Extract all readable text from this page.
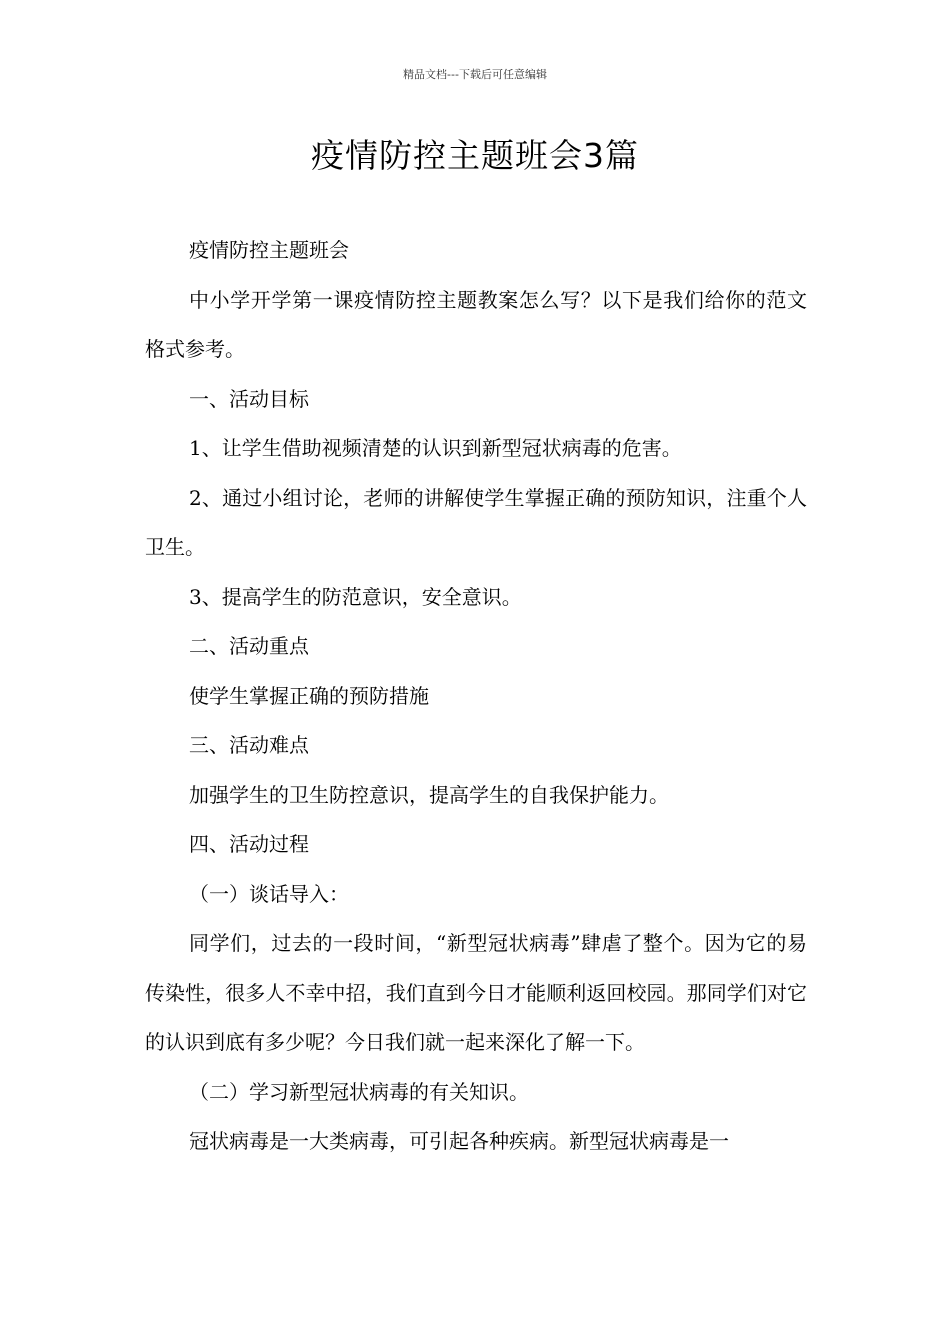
精品文档---下载后可任意编辑
疫情防控主题班会3篇

疫情防控主题班会

中小学开学第一课疫情防控主题教案怎么写？以下是我们给你的范文格式参考。

一、活动目标

1、让学生借助视频清楚的认识到新型冠状病毒的危害。

2、通过小组讨论，老师的讲解使学生掌握正确的预防知识，注重个人卫生。

3、提高学生的防范意识，安全意识。

二、活动重点

使学生掌握正确的预防措施

三、活动难点

加强学生的卫生防控意识，提高学生的自我保护能力。

四、活动过程

（一）谈话导入：

同学们，过去的一段时间，“新型冠状病毒”肆虐了整个。因为它的易传染性，很多人不幸中招，我们直到今日才能顺利返回校园。那同学们对它的认识到底有多少呢？今日我们就一起来深化了解一下。

（二）学习新型冠状病毒的有关知识。

冠状病毒是一大类病毒，可引起各种疾病。新型冠状病毒是一
